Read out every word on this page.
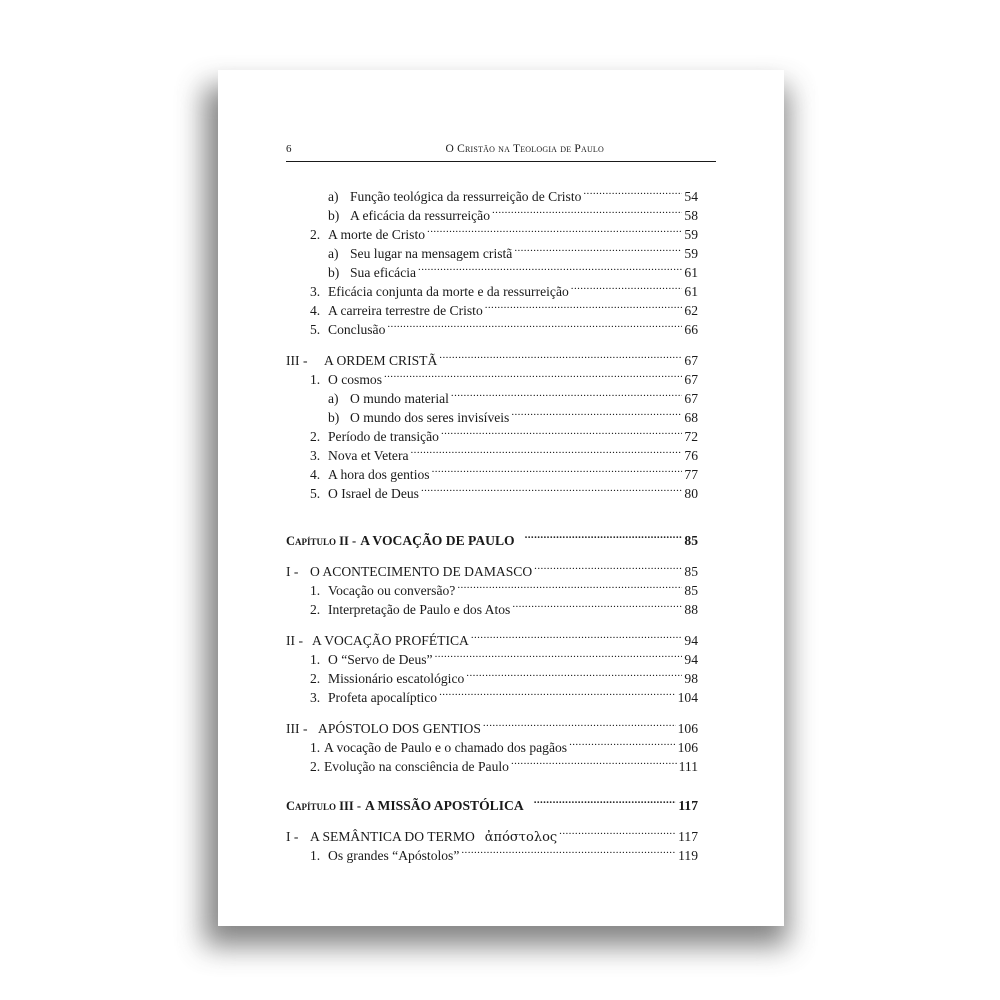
6	O Cristão na Teologia de Paulo
a) Função teológica da ressurreição de Cristo .....	54
b) A eficácia da ressurreição .....	58
2. A morte de Cristo .....	59
a) Seu lugar na mensagem cristã .....	59
b) Sua eficácia .....	61
3. Eficácia conjunta da morte e da ressurreição .....	61
4. A carreira terrestre de Cristo .....	62
5. Conclusão .....	66
III -	A ORDEM CRISTÃ .....	67
1. O cosmos .....	67
a) O mundo material .....	67
b) O mundo dos seres invisíveis .....	68
2. Período de transição .....	72
3. Nova et Vetera .....	76
4. A hora dos gentios .....	77
5. O Israel de Deus .....	80
Capítulo II - A VOCAÇÃO DE PAULO .....	85
I - O ACONTECIMENTO DE DAMASCO .....	85
1. Vocação ou conversão? .....	85
2. Interpretação de Paulo e dos Atos .....	88
II - A VOCAÇÃO PROFÉTICA .....	94
1. O “Servo de Deus” .....	94
2. Missionário escatológico .....	98
3. Profeta apocalíptico .....	104
III - APÓSTOLO DOS GENTIOS .....	106
1. A vocação de Paulo e o chamado dos pagãos .....	106
2. Evolução na consciência de Paulo .....	111
Capítulo III - A MISSÃO APOSTÓLICA .....	117
I - A SEMÂNTICA DO TERMO ἀπόστολος .....	117
1. Os grandes “Apóstolos” .....	119
